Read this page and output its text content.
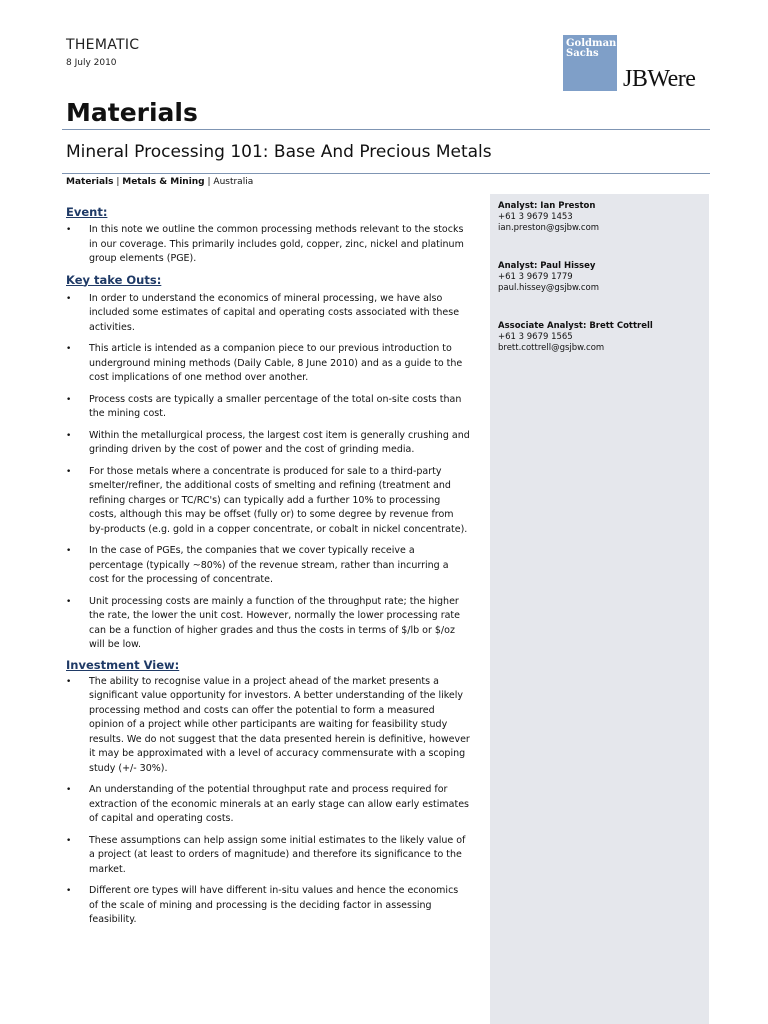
THEMATIC
8 July 2010
Goldman
Sachs
JBWere
Materials
Mineral Processing 101: Base And Precious Metals
Materials | Metals & Mining | Australia
Analyst: Ian Preston
+61 3 9679 1453
ian.preston@gsjbw.com
Analyst: Paul Hissey
+61 3 9679 1779
paul.hissey@gsjbw.com
Associate Analyst: Brett Cottrell
+61 3 9679 1565
brett.cottrell@gsjbw.com
Event:
• In this note we outline the common processing methods relevant to the stocks in our coverage. This primarily includes gold, copper, zinc, nickel and platinum group elements (PGE).
Key take Outs:
• In order to understand the economics of mineral processing, we have also included some estimates of capital and operating costs associated with these activities.
• This article is intended as a companion piece to our previous introduction to underground mining methods (Daily Cable, 8 June 2010) and as a guide to the cost implications of one method over another.
• Process costs are typically a smaller percentage of the total on-site costs than the mining cost.
• Within the metallurgical process, the largest cost item is generally crushing and grinding driven by the cost of power and the cost of grinding media.
• For those metals where a concentrate is produced for sale to a third-party smelter/refiner, the additional costs of smelting and refining (treatment and refining charges or TC/RC's) can typically add a further 10% to processing costs, although this may be offset (fully or) to some degree by revenue from by-products (e.g. gold in a copper concentrate, or cobalt in nickel concentrate).
• In the case of PGEs, the companies that we cover typically receive a percentage (typically ~80%) of the revenue stream, rather than incurring a cost for the processing of concentrate.
• Unit processing costs are mainly a function of the throughput rate; the higher the rate, the lower the unit cost. However, normally the lower processing rate can be a function of higher grades and thus the costs in terms of $/lb or $/oz will be low.
Investment View:
• The ability to recognise value in a project ahead of the market presents a significant value opportunity for investors. A better understanding of the likely processing method and costs can offer the potential to form a measured opinion of a project while other participants are waiting for feasibility study results. We do not suggest that the data presented herein is definitive, however it may be approximated with a level of accuracy commensurate with a scoping study (+/- 30%).
• An understanding of the potential throughput rate and process required for extraction of the economic minerals at an early stage can allow early estimates of capital and operating costs.
• These assumptions can help assign some initial estimates to the likely value of a project (at least to orders of magnitude) and therefore its significance to the market.
• Different ore types will have different in-situ values and hence the economics of the scale of mining and processing is the deciding factor in assessing feasibility.
